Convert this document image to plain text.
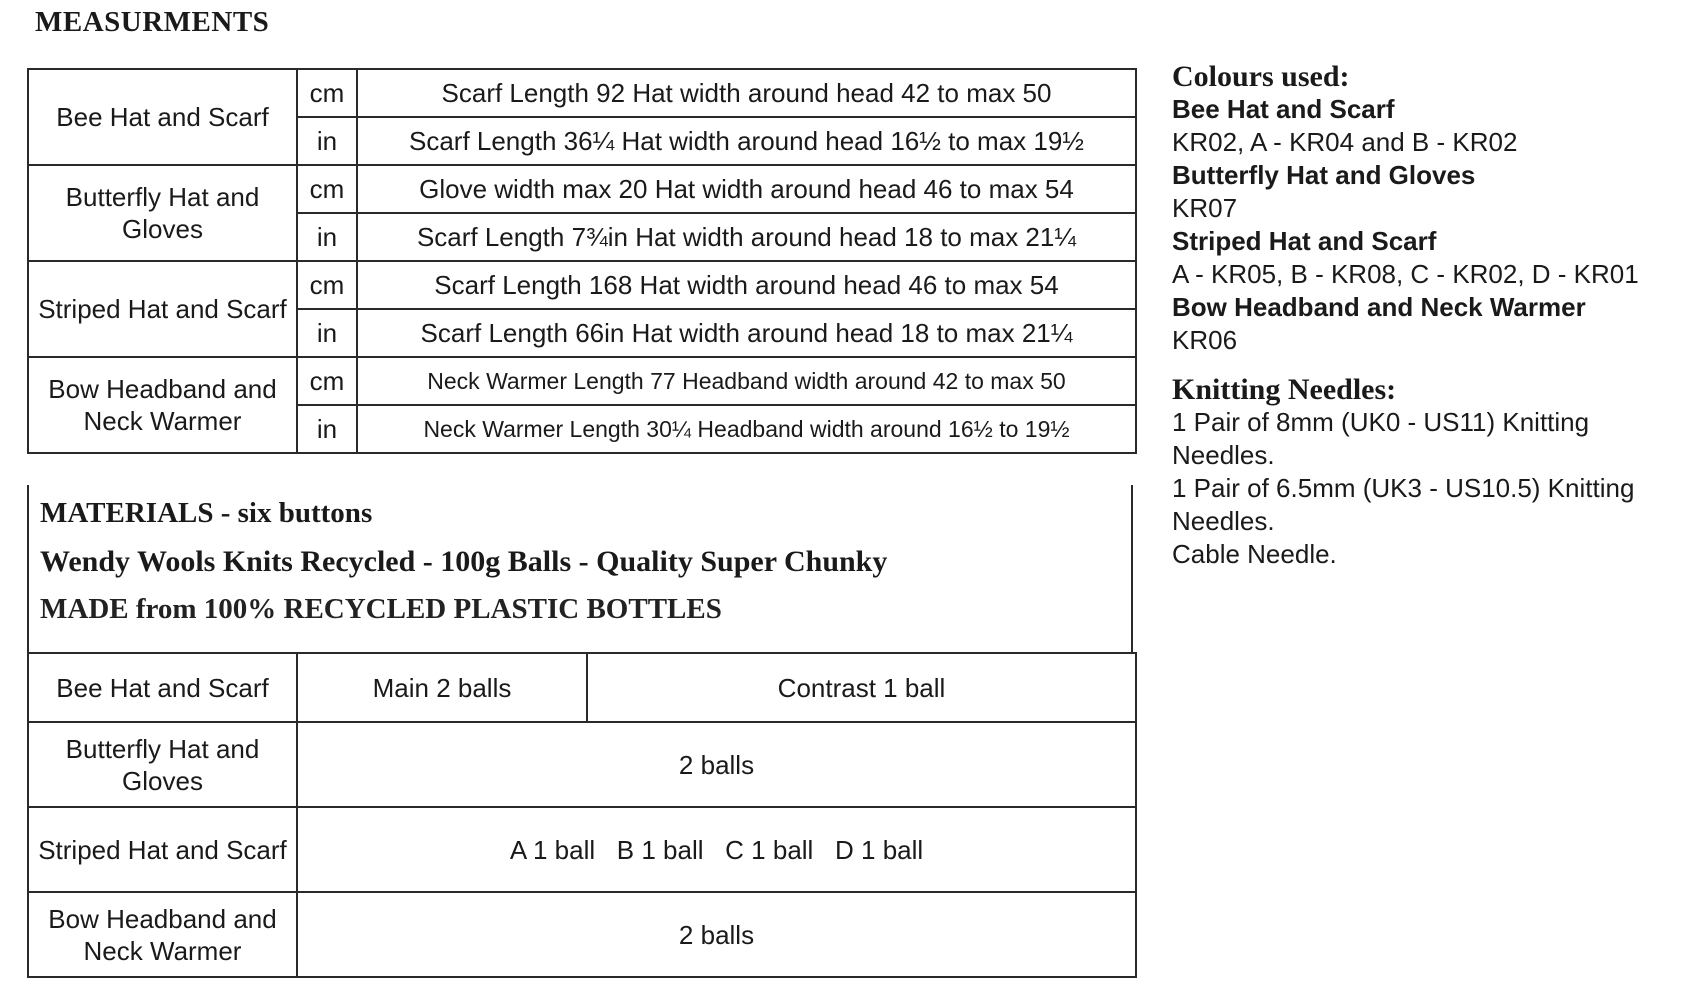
MEASURMENTS
Bee Hat and Scarf	cm	Scarf Length 92 Hat width around head 42 to max 50
	in	Scarf Length 36¼ Hat width around head 16½ to max 19½
Butterfly Hat and Gloves	cm	Glove width max 20 Hat width around head 46 to max 54
	in	Scarf Length 7¾in Hat width around head 18 to max 21¼
Striped Hat and Scarf	cm	Scarf Length 168 Hat width around head 46 to max 54
	in	Scarf Length 66in Hat width around head 18 to max 21¼
Bow Headband and Neck Warmer	cm	Neck Warmer Length 77 Headband width around 42 to max 50
	in	Neck Warmer Length 30¼ Headband width around 16½ to 19½
MATERIALS - six buttons
Wendy Wools Knits Recycled - 100g Balls - Quality Super Chunky
MADE from 100% RECYCLED PLASTIC BOTTLES
Bee Hat and Scarf	Main 2 balls	Contrast 1 ball
Butterfly Hat and Gloves	2 balls	
Striped Hat and Scarf	A 1 ball   B 1 ball   C 1 ball   D 1 ball	
Bow Headband and Neck Warmer	2 balls	
Colours used:
Bee Hat and Scarf
KR02, A - KR04 and B - KR02
Butterfly Hat and Gloves
KR07
Striped Hat and Scarf
A - KR05, B - KR08, C - KR02, D - KR01
Bow Headband and Neck Warmer
KR06
Knitting Needles:
1 Pair of 8mm (UK0 - US11) Knitting
Needles.
1 Pair of 6.5mm (UK3 - US10.5) Knitting
Needles.
Cable Needle.
